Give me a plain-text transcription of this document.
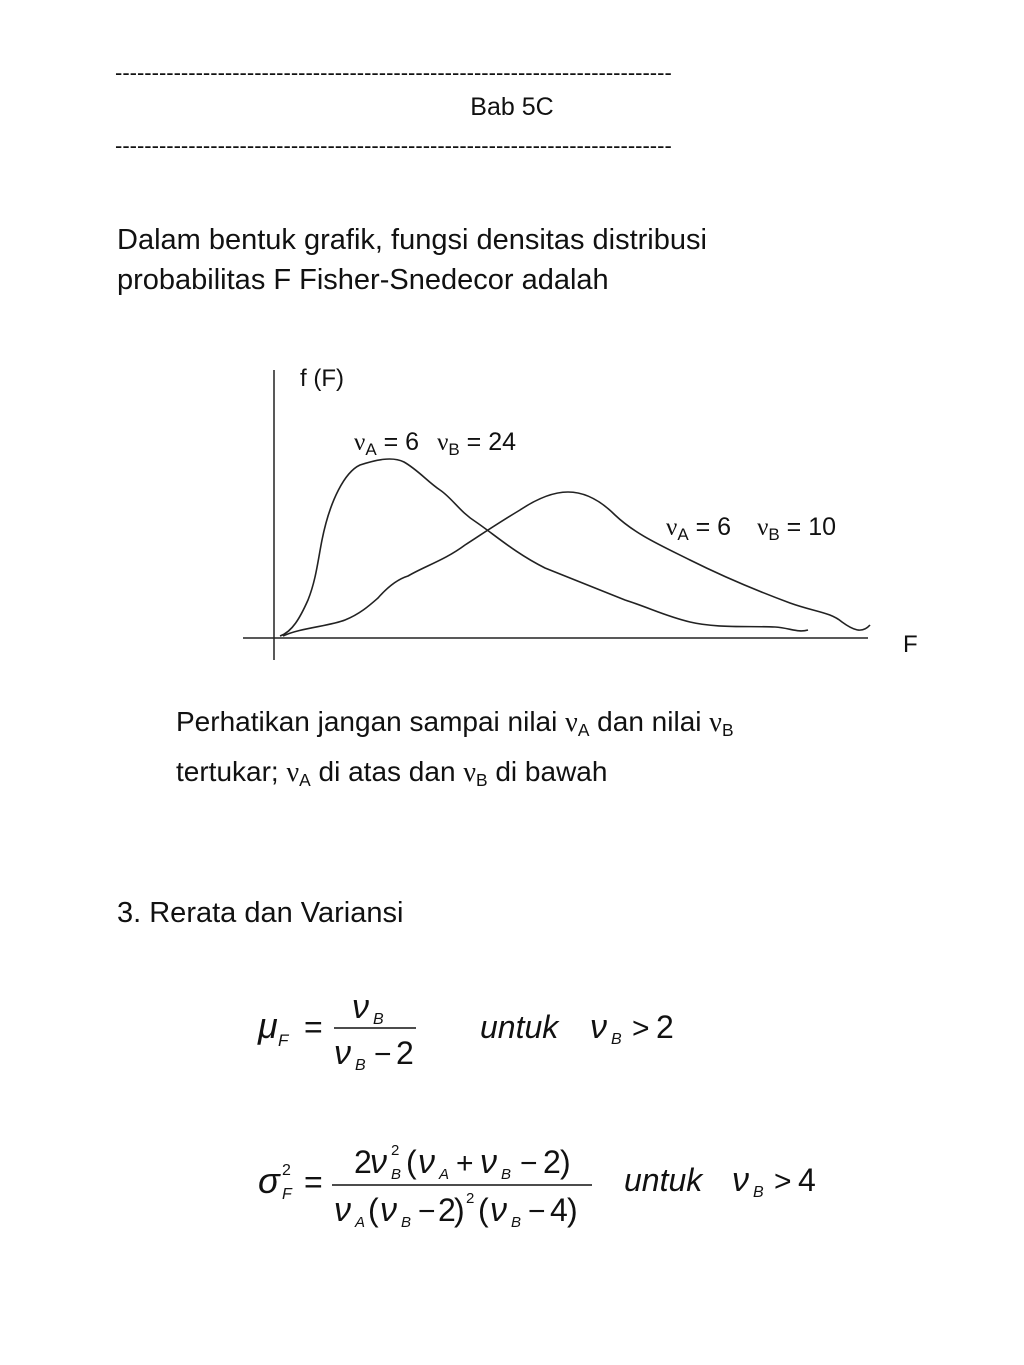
----------------------------------------------------------------------------
Bab 5C
----------------------------------------------------------------------------
Dalam bentuk grafik, fungsi densitas distribusi
probabilitas F Fisher-Snedecor adalah
f (F)
F
$\nu_A = 6$ $\nu_B = 24$
$\nu_A = 6$ $\nu_B = 10$
Perhatikan jangan sampai nilai $\nu_A$ dan nilai $\nu_B$
tertukar; $\nu_A$ di atas dan $\nu_B$ di bawah
3. Rerata dan Variansi
μ F =
ν B
ν B − 2
untuk ν B > 2
σ 2
F =
2
ν 2
B ( ν A + ν B − 2 )
ν A ( ν B − 2
) 2 ( ν B − 4 )
untuk ν B > 4
